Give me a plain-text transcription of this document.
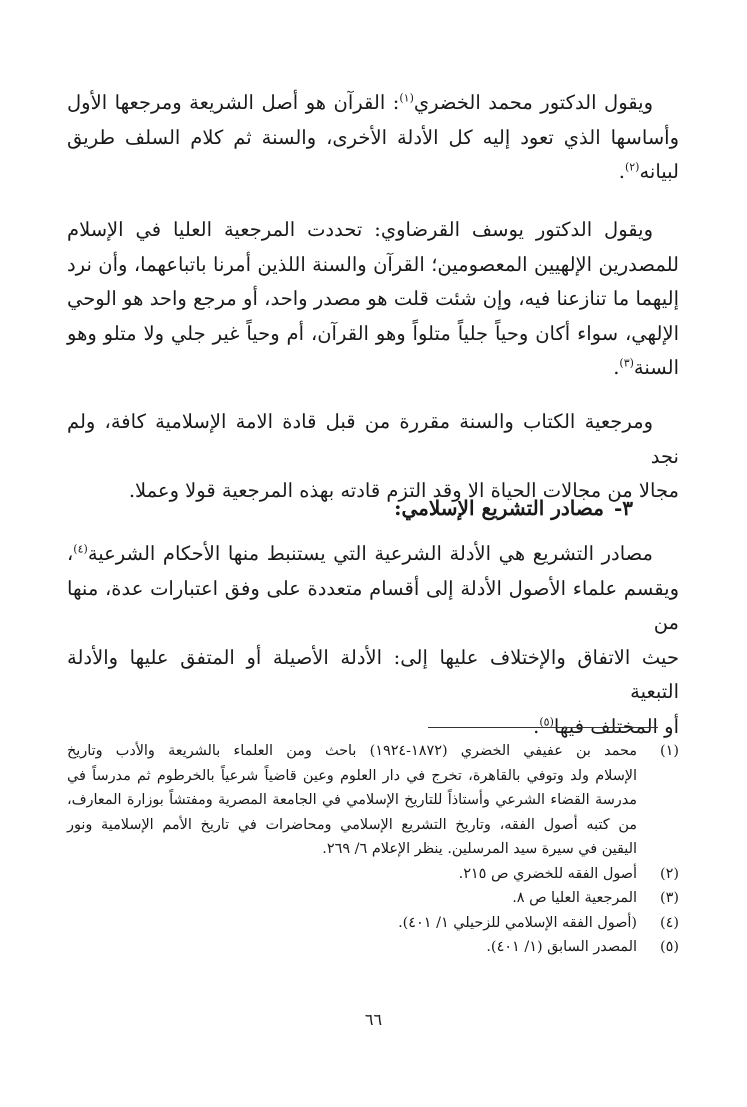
ويقول الدكتور محمد الخضري$^{(١)}$: القرآن هو أصل الشريعة ومرجعها الأول
وأساسها الذي تعود إليه كل الأدلة الأخرى، والسنة ثم كلام السلف طريق
لبيانه$^{(٢)}$.

ويقول الدكتور يوسف القرضاوي: تحددت المرجعية العليا في الإسلام
للمصدرين الإلهيين المعصومين؛ القرآن والسنة اللذين أمرنا باتباعهما، وأن نرد
إليهما ما تنازعنا فيه، وإن شئت قلت هو مصدر واحد، أو مرجع واحد هو الوحي
الإلهي، سواء أكان وحياً جلياً متلواً وهو القرآن، أم وحياً غير جلي ولا متلو وهو
السنة$^{(٣)}$.

ومرجعية الكتاب والسنة مقررة من قبل قادة الامة الإسلامية كافة، ولم نجد
مجالا من مجالات الحياة الا وقد التزم قادته بهذه المرجعية قولا وعملا.

٣-مصادر التشريع الإسلامي:

مصادر التشريع هي الأدلة الشرعية التي يستنبط منها الأحكام الشرعية$^{(٤)}$،
ويقسم علماء الأصول الأدلة إلى أقسام متعددة على وفق اعتبارات عدة، منها من
حيث الاتفاق والإختلاف عليها إلى: الأدلة الأصيلة أو المتفق عليها والأدلة التبعية
أو المختلف فيها$^{(٥)}$.

(١)
محمد بن عفيفي الخضري (١٨٧٢-١٩٢٤) باحث ومن العلماء بالشريعة والأدب وتاريخ
الإسلام ولد وتوفي بالقاهرة، تخرج في دار العلوم وعين قاضياً شرعياً بالخرطوم ثم مدرساً في
مدرسة القضاء الشرعي وأستاذاً للتاريخ الإسلامي في الجامعة المصرية ومفتشاً بوزارة المعارف،
من كتبه أصول الفقه، وتاريخ التشريع الإسلامي ومحاضرات في تاريخ الأمم الإسلامية ونور
اليقين في سيرة سيد المرسلين. ينظر الإعلام ٦/ ٢٦٩.
(٢)
أصول الفقه للخضري ص ٢١٥.
(٣)
المرجعية العليا ص ٨.
(٤)
(أصول الفقه الإسلامي للزحيلي ١/ ٤٠١).
(٥)
المصدر السابق (١/ ٤٠١).
٦٦
